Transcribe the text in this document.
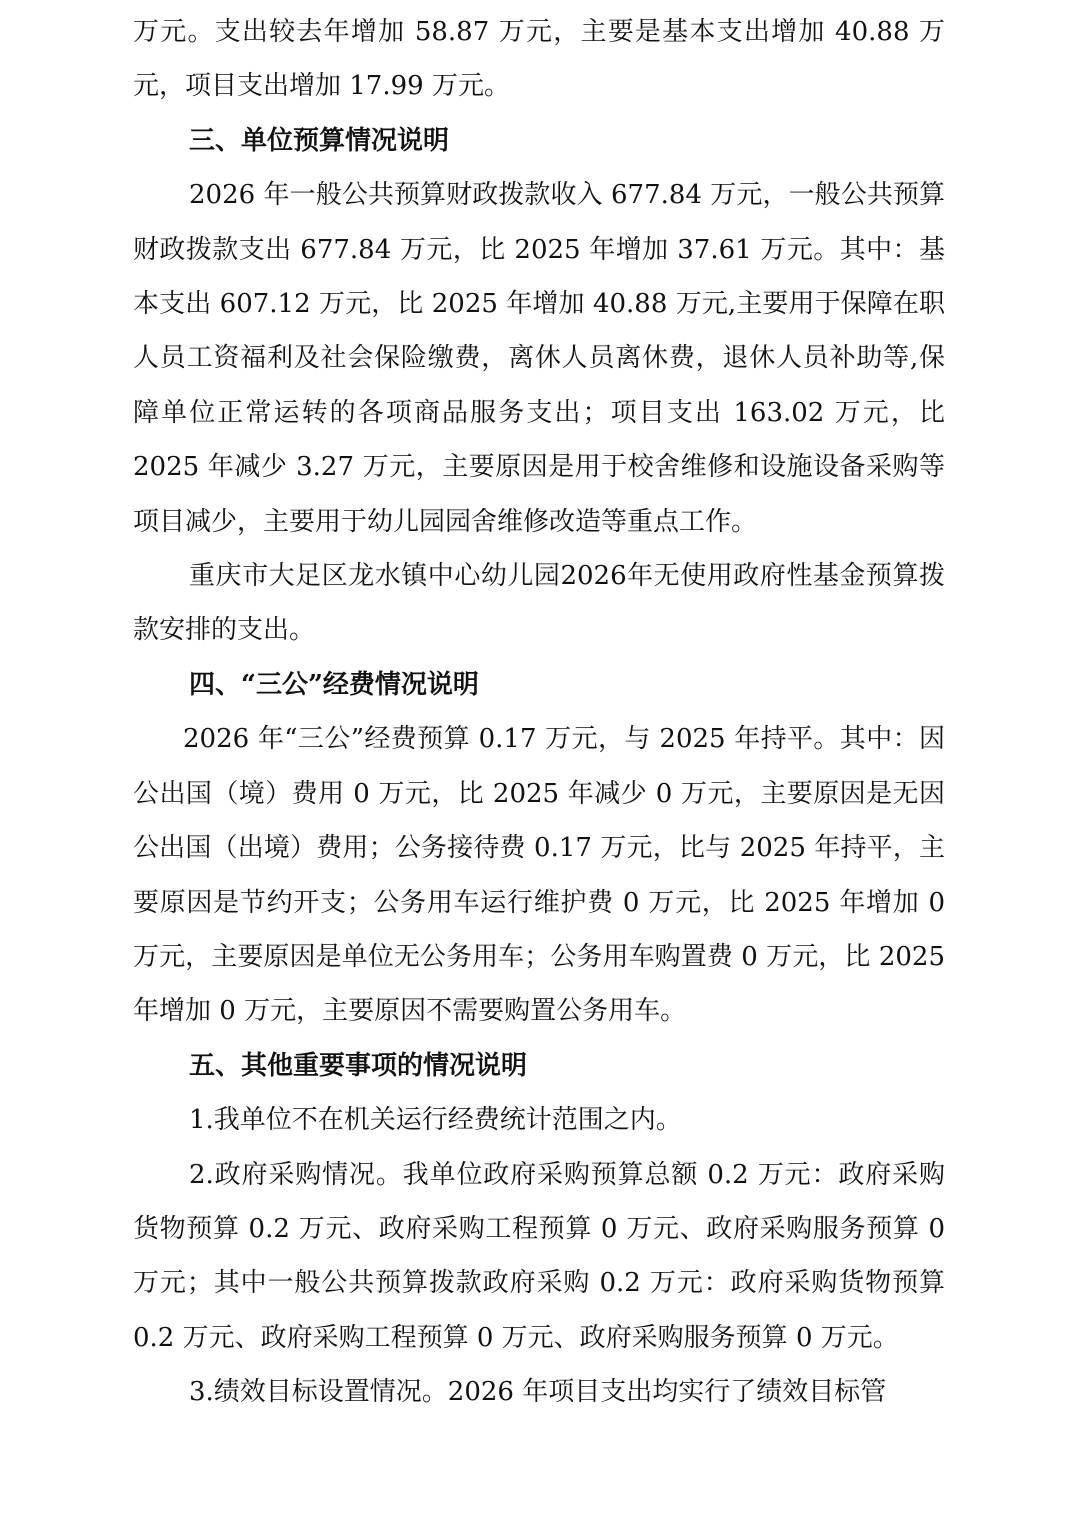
万元。支出较去年增加 58.87 万元，主要是基本支出增加 40.88 万元，项目支出增加 17.99 万元。

三、单位预算情况说明

2026 年一般公共预算财政拨款收入 677.84 万元，一般公共预算财政拨款支出 677.84 万元，比 2025 年增加 37.61 万元。其中：基本支出 607.12 万元，比 2025 年增加 40.88 万元,主要用于保障在职人员工资福利及社会保险缴费，离休人员离休费，退休人员补助等,保障单位正常运转的各项商品服务支出；项目支出 163.02 万元，比 2025 年减少 3.27 万元，主要原因是用于校舍维修和设施设备采购等项目减少，主要用于幼儿园园舍维修改造等重点工作。

重庆市大足区龙水镇中心幼儿园2026年无使用政府性基金预算拨款安排的支出。

四、“三公”经费情况说明

2026 年“三公”经费预算 0.17 万元，与 2025 年持平。其中：因公出国（境）费用 0 万元，比 2025 年减少 0 万元，主要原因是无因公出国（出境）费用；公务接待费 0.17 万元，比与 2025 年持平，主要原因是节约开支；公务用车运行维护费 0 万元，比 2025 年增加 0 万元，主要原因是单位无公务用车；公务用车购置费 0 万元，比 2025 年增加 0 万元，主要原因不需要购置公务用车。

五、其他重要事项的情况说明

1.我单位不在机关运行经费统计范围之内。

2.政府采购情况。我单位政府采购预算总额 0.2 万元：政府采购货物预算 0.2 万元、政府采购工程预算 0 万元、政府采购服务预算 0 万元；其中一般公共预算拨款政府采购 0.2 万元：政府采购货物预算 0.2 万元、政府采购工程预算 0 万元、政府采购服务预算 0 万元。

3.绩效目标设置情况。2026 年项目支出均实行了绩效目标管
